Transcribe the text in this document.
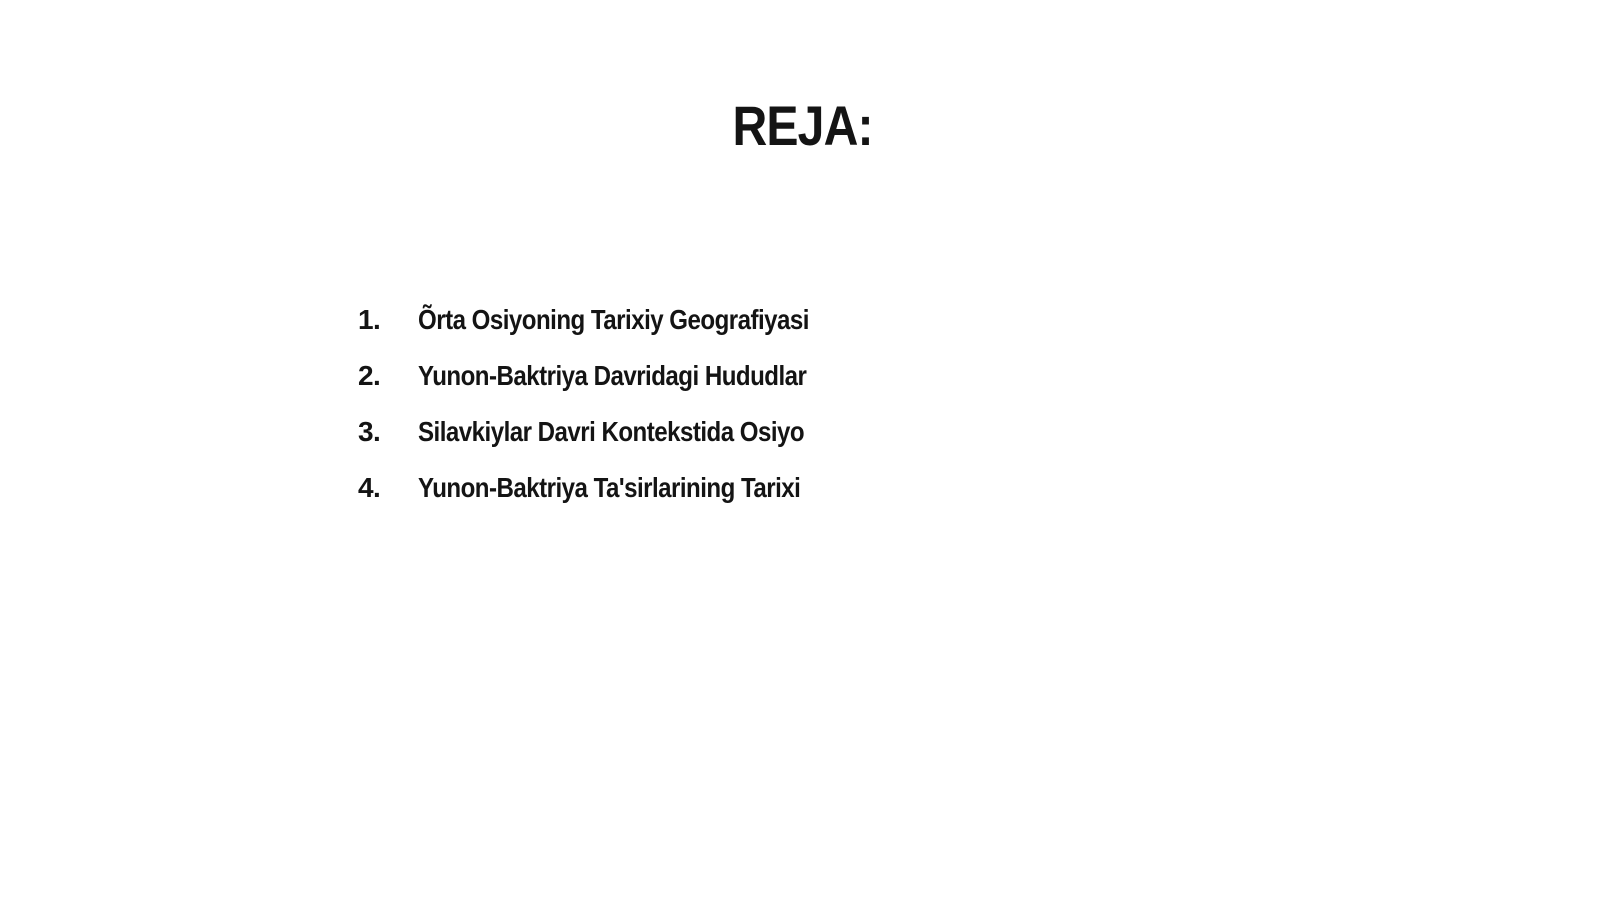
REJA:
1.	Õrta Osiyoning Tarixiy Geografiyasi
2.	Yunon-Baktriya Davridagi Hududlar
3.	Silavkiylar Davri Kontekstida Osiyo
4.	Yunon-Baktriya Ta'sirlarining Tarixi
